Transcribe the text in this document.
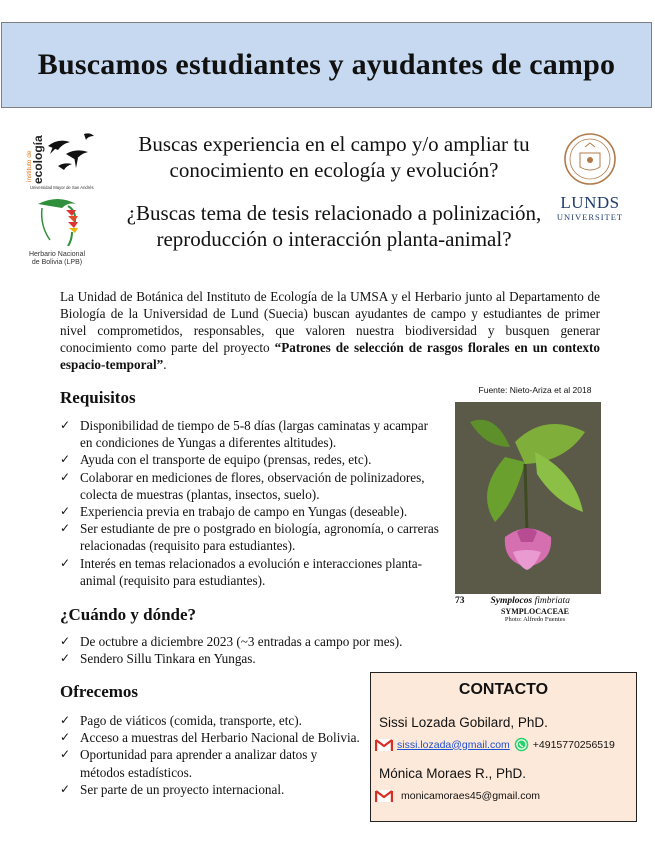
Buscamos estudiantes y ayudantes de campo
instituto de
ecología
Universidad Mayor de San Andrés
Herbario Nacional de Bolivia (LPB)
LUNDS
UNIVERSITET
Buscas experiencia en el campo y/o ampliar tu conocimiento en ecología y evolución?
¿Buscas tema de tesis relacionado a polinización, reproducción o interacción planta-animal?
La Unidad de Botánica del Instituto de Ecología de la UMSA y el Herbario junto al Departamento de Biología de la Universidad de Lund (Suecia) buscan ayudantes de campo y estudiantes de primer nivel comprometidos, responsables, que valoren nuestra biodiversidad y busquen generar conocimiento como parte del proyecto “Patrones de selección de rasgos florales en un contexto espacio-temporal”.
Requisitos
✓ Disponibilidad de tiempo de 5-8 días (largas caminatas y acampar en condiciones de Yungas a diferentes altitudes).
✓ Ayuda con el transporte de equipo (prensas, redes, etc).
✓ Colaborar en mediciones de flores, observación de polinizadores, colecta de muestras (plantas, insectos, suelo).
✓ Experiencia previa en trabajo de campo en Yungas (deseable).
✓ Ser estudiante de pre o postgrado en biología, agronomía, o carreras relacionadas (requisito para estudiantes).
✓ Interés en temas relacionados a evolución e interacciones planta-animal (requisito para estudiantes).
Fuente: Nieto-Ariza et al 2018
73	Symplocos fimbriata
SYMPLOCACEAE
Photo: Alfredo Fuentes
¿Cuándo y dónde?
✓ De octubre a diciembre 2023 (~3 entradas a campo por mes).
✓ Sendero Sillu Tinkara en Yungas.
Ofrecemos
✓ Pago de viáticos (comida, transporte, etc).
✓ Acceso a muestras del Herbario Nacional de Bolivia.
✓ Oportunidad para aprender a analizar datos y métodos estadísticos.
✓ Ser parte de un proyecto internacional.
CONTACTO
Sissi Lozada Gobilard, PhD.
sissi.lozada@gmail.com +4915770256519
Mónica Moraes R., PhD.
monicamoraes45@gmail.com
